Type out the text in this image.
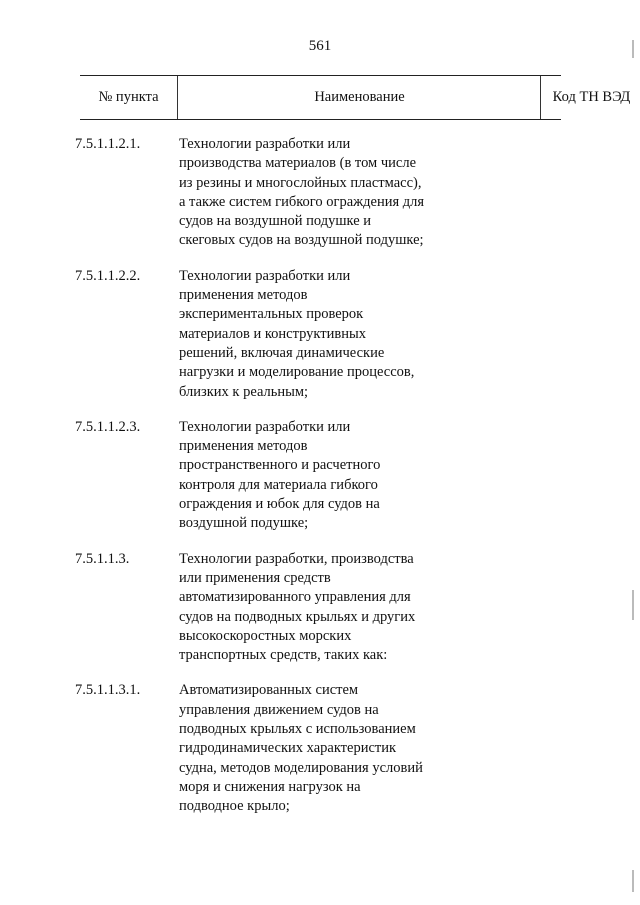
561
№ пункта	Наименование	Код ТН ВЭД
7.5.1.1.2.1.	Технологии разработки или
производства материалов (в том числе
из резины и многослойных пластмасс),
а также систем гибкого ограждения для
судов на воздушной подушке и
скеговых судов на воздушной подушке;
7.5.1.1.2.2.	Технологии разработки или
применения методов
экспериментальных проверок
материалов и конструктивных
решений, включая динамические
нагрузки и моделирование процессов,
близких к реальным;
7.5.1.1.2.3.	Технологии разработки или
применения методов
пространственного и расчетного
контроля для материала гибкого
ограждения и юбок для судов на
воздушной подушке;
7.5.1.1.3.	Технологии разработки, производства
или применения средств
автоматизированного управления для
судов на подводных крыльях и других
высокоскоростных морских
транспортных средств, таких как:
7.5.1.1.3.1.	Автоматизированных систем
управления движением судов на
подводных крыльях с использованием
гидродинамических характеристик
судна, методов моделирования условий
моря и снижения нагрузок на
подводное крыло;
